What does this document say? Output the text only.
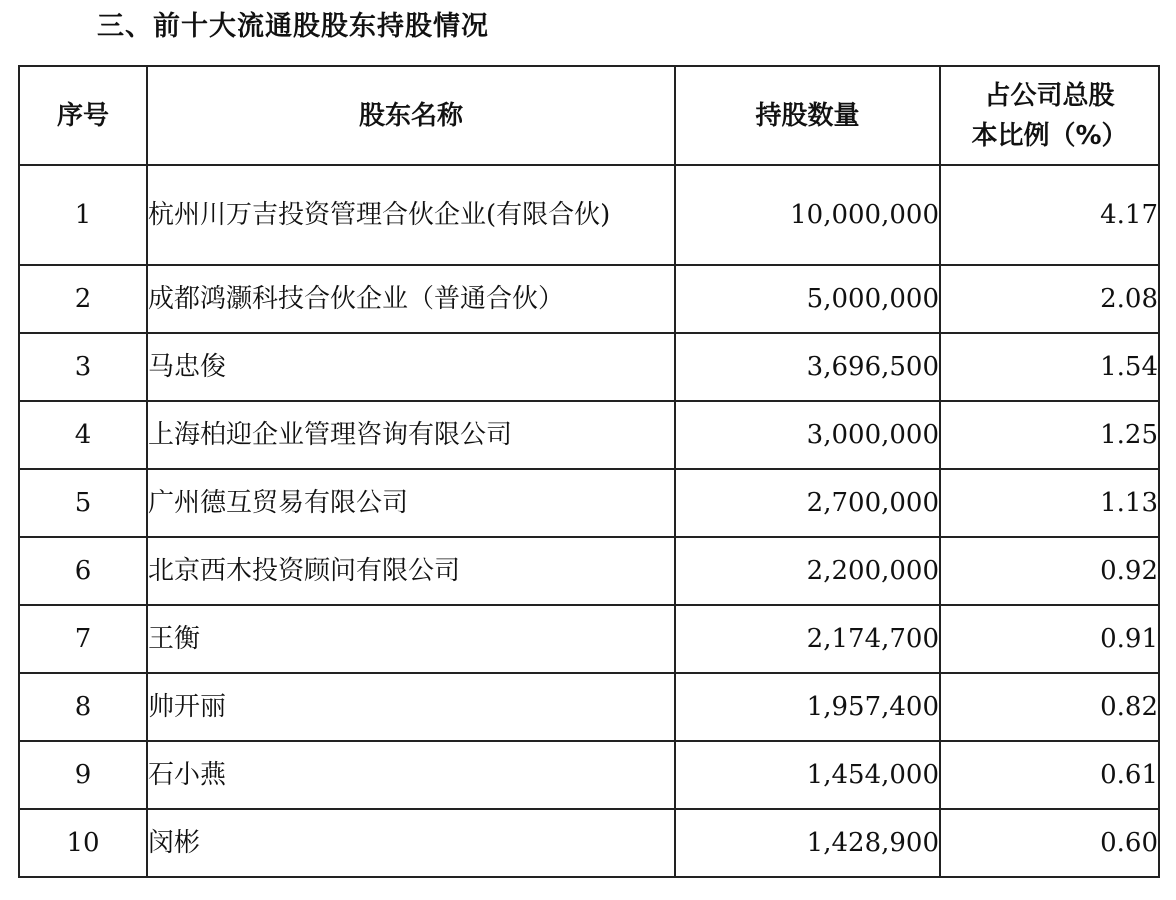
三、前十大流通股股东持股情况
序号	股东名称	持股数量	占公司总股
本比例（%）
1	杭州川万吉投资管理合伙企业(有限合伙)	10,000,000	4.17
2	成都鸿灏科技合伙企业（普通合伙）	5,000,000	2.08
3	马忠俊	3,696,500	1.54
4	上海柏迎企业管理咨询有限公司	3,000,000	1.25
5	广州德互贸易有限公司	2,700,000	1.13
6	北京西木投资顾问有限公司	2,200,000	0.92
7	王衡	2,174,700	0.91
8	帅开丽	1,957,400	0.82
9	石小燕	1,454,000	0.61
10	闵彬	1,428,900	0.60
